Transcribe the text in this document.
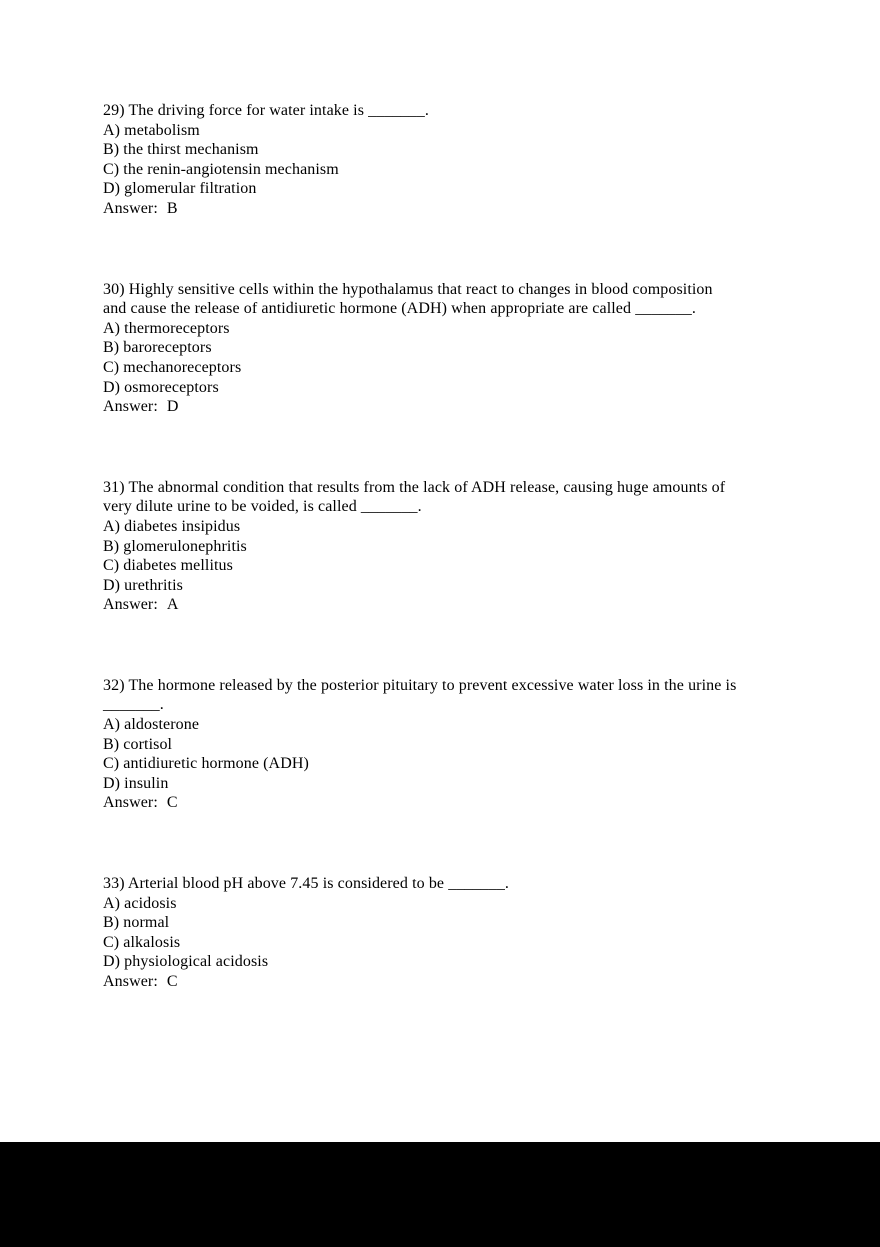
29) The driving force for water intake is _______.
A) metabolism
B) the thirst mechanism
C) the renin-angiotensin mechanism
D) glomerular filtration
Answer: B
30) Highly sensitive cells within the hypothalamus that react to changes in blood composition
and cause the release of antidiuretic hormone (ADH) when appropriate are called _______.
A) thermoreceptors
B) baroreceptors
C) mechanoreceptors
D) osmoreceptors
Answer: D
31) The abnormal condition that results from the lack of ADH release, causing huge amounts of
very dilute urine to be voided, is called _______.
A) diabetes insipidus
B) glomerulonephritis
C) diabetes mellitus
D) urethritis
Answer: A
32) The hormone released by the posterior pituitary to prevent excessive water loss in the urine is
_______.
A) aldosterone
B) cortisol
C) antidiuretic hormone (ADH)
D) insulin
Answer: C
33) Arterial blood pH above 7.45 is considered to be _______.
A) acidosis
B) normal
C) alkalosis
D) physiological acidosis
Answer: C
